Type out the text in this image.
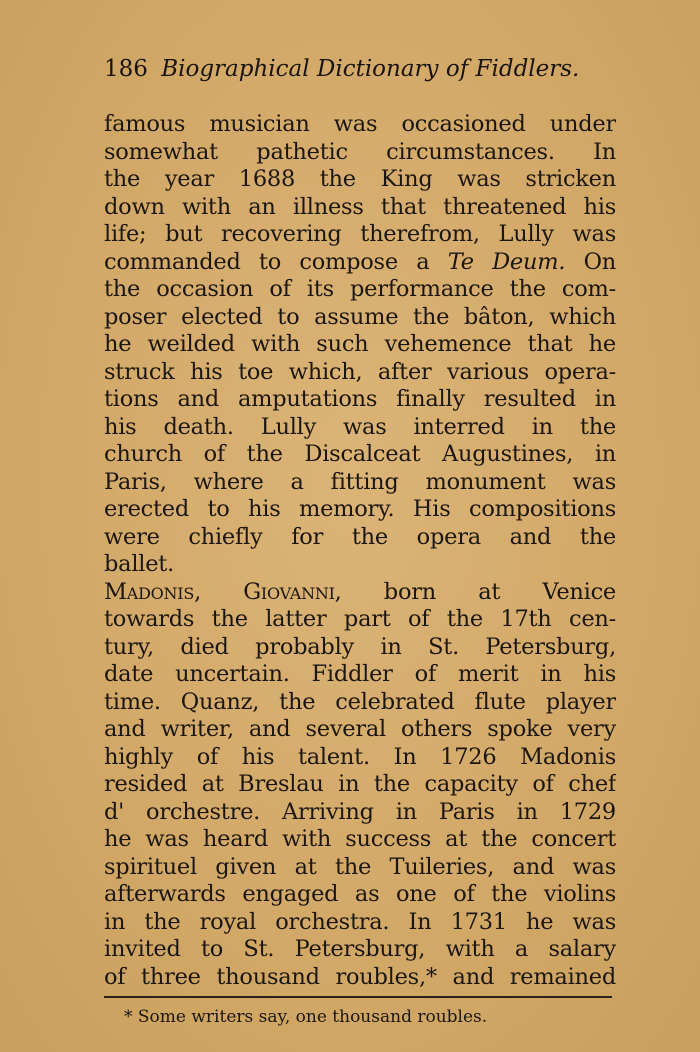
186 Biographical Dictionary of Fiddlers.
famous musician was occasioned under
somewhat pathetic circumstances. In
the year 1688 the King was stricken
down with an illness that threatened his
life; but recovering therefrom, Lully was
commanded to compose a Te Deum. On
the occasion of its performance the com-
poser elected to assume the bâton, which
he weilded with such vehemence that he
struck his toe which, after various opera-
tions and amputations finally resulted in
his death. Lully was interred in the
church of the Discalceat Augustines, in
Paris, where a fitting monument was
erected to his memory. His compositions
were chiefly for the opera and the
ballet.
Madonis, Giovanni, born at Venice
towards the latter part of the 17th cen-
tury, died probably in St. Petersburg,
date uncertain. Fiddler of merit in his
time. Quanz, the celebrated flute player
and writer, and several others spoke very
highly of his talent. In 1726 Madonis
resided at Breslau in the capacity of chef
d' orchestre. Arriving in Paris in 1729
he was heard with success at the concert
spirituel given at the Tuileries, and was
afterwards engaged as one of the violins
in the royal orchestra. In 1731 he was
invited to St. Petersburg, with a salary
of three thousand roubles,* and remained
* Some writers say, one thousand roubles.
